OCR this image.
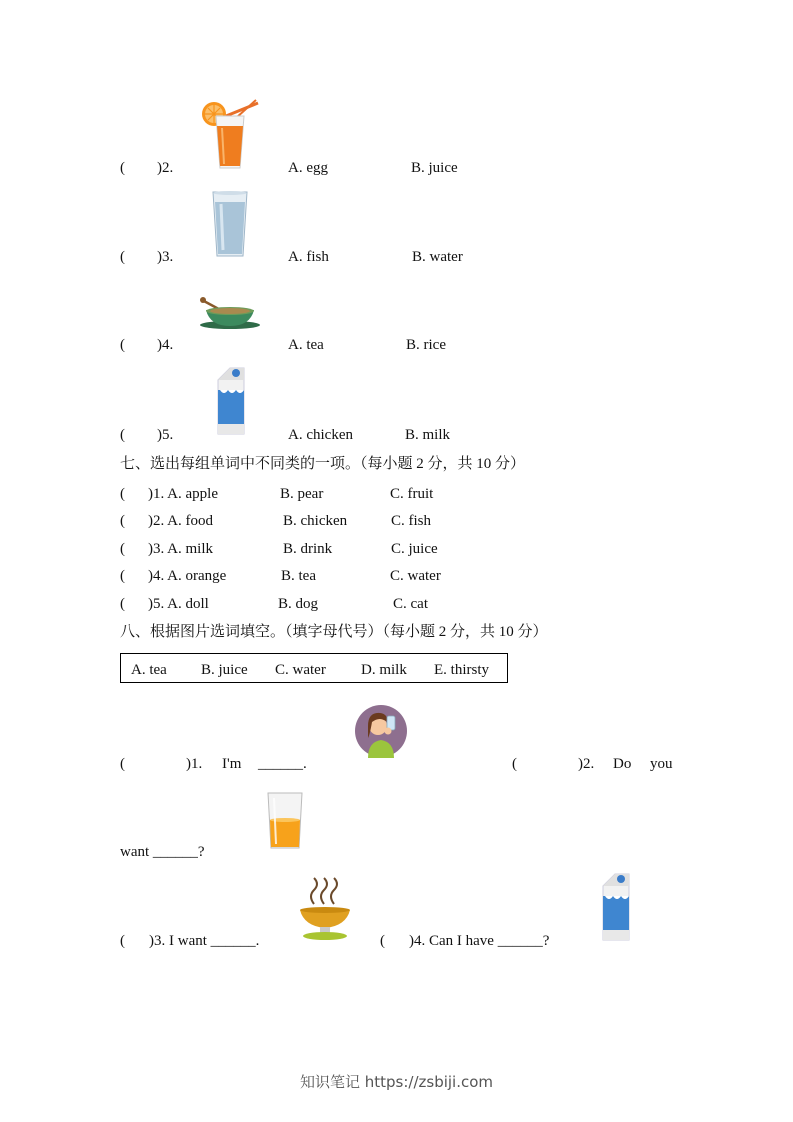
( )2.	A. egg	B. juice
( )3.	A. fish	B. water
( )4.	A. tea	B. rice
( )5.	A. chicken	B. milk
七、选出每组单词中不同类的一项。（每小题 2 分，共 10 分）
( )1. A. apple	B. pear	C. fruit
( )2. A. food	B. chicken	C. fish
( )3. A. milk	B. drink	C. juice
( )4. A. orange	B. tea	C. water
( )5. A. doll	B. dog	C. cat
八、根据图片选词填空。（填字母代号）（每小题 2 分，共 10 分）
A. tea B. juice C. water D. milk E. thirsty
(	)1. I'm ______.	(	)2. Do you
want ______?
( )3. I want ______.	( )4. Can I have ______?
知识笔记 https://zsbiji.com
